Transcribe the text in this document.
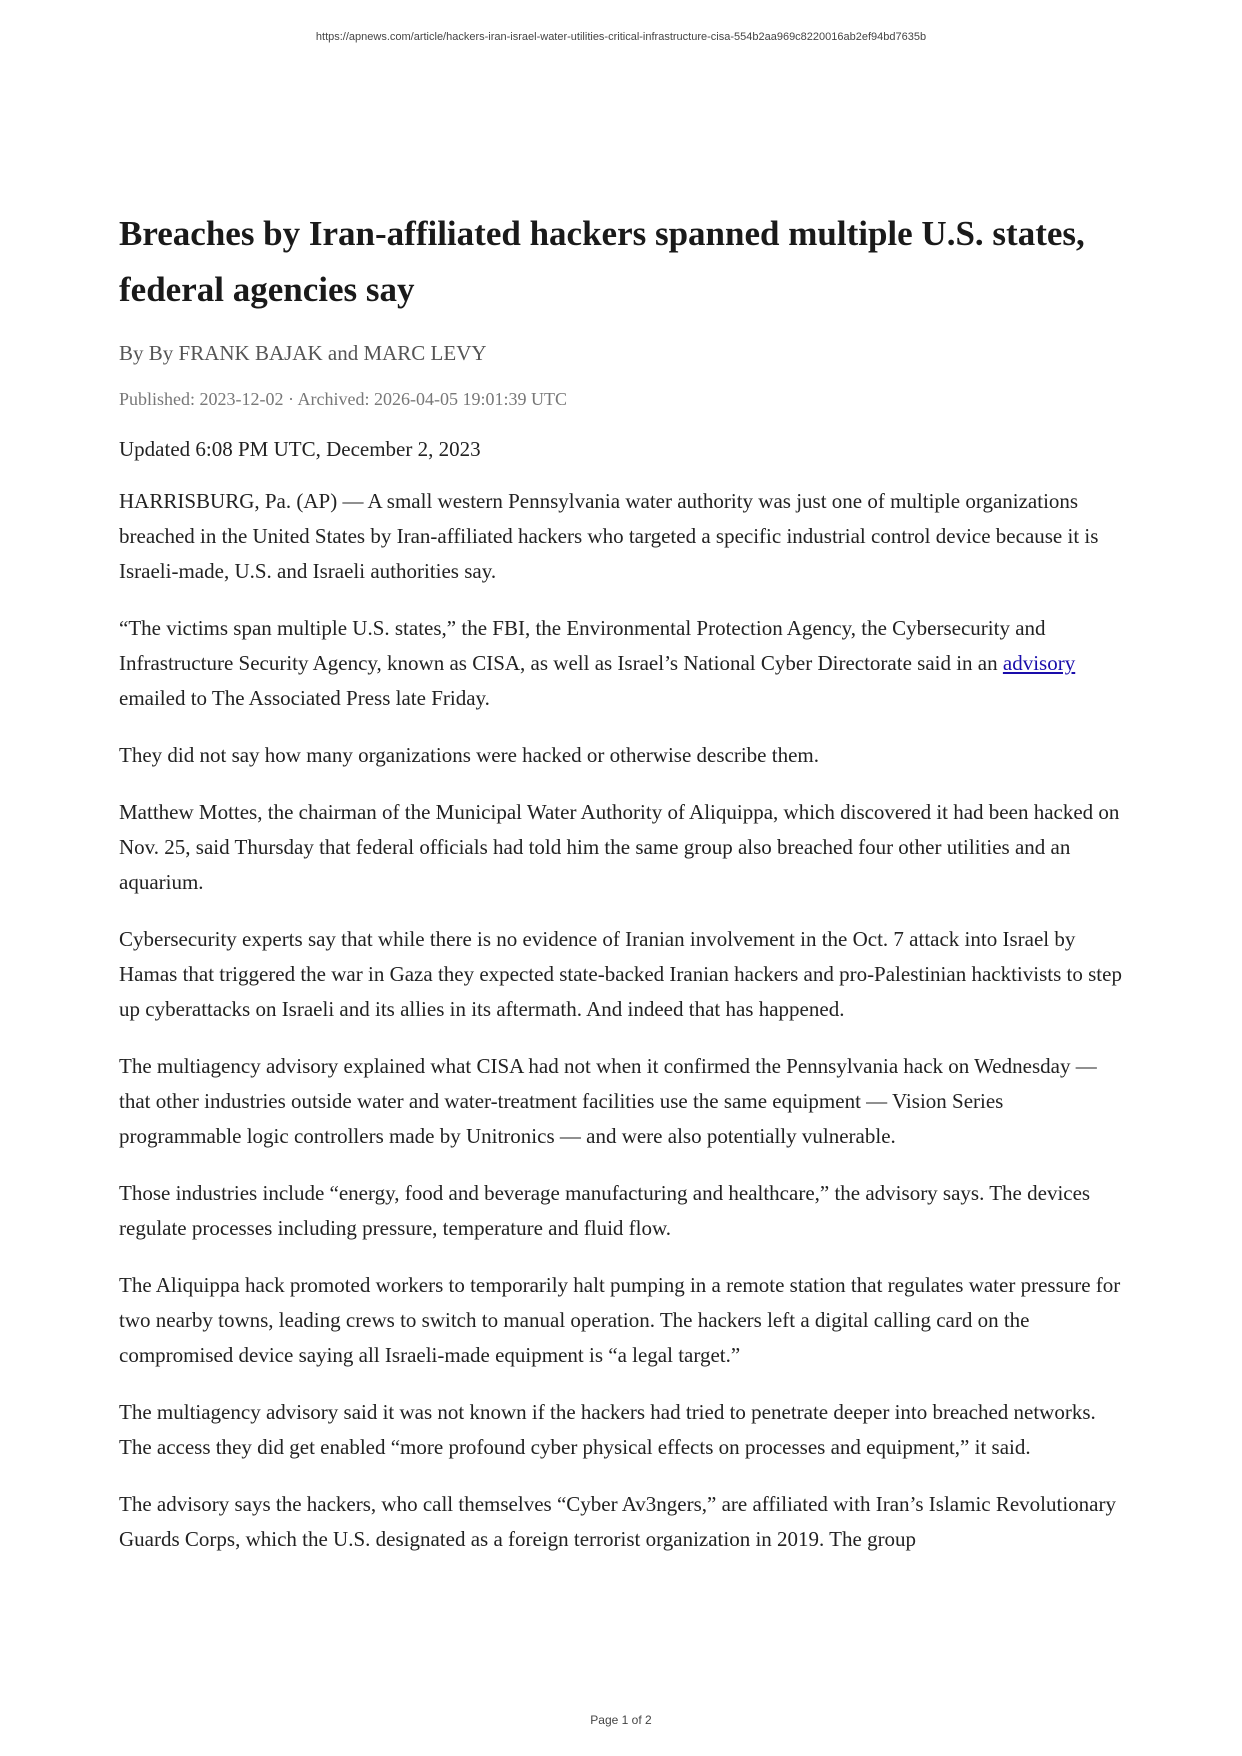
https://apnews.com/article/hackers-iran-israel-water-utilities-critical-infrastructure-cisa-554b2aa969c8220016ab2ef94bd7635b
Breaches by Iran-affiliated hackers spanned multiple U.S. states, federal agencies say
By By FRANK BAJAK and MARC LEVY
Published: 2023-12-02 · Archived: 2026-04-05 19:01:39 UTC
Updated 6:08 PM UTC, December 2, 2023

HARRISBURG, Pa. (AP) — A small western Pennsylvania water authority was just one of multiple organizations breached in the United States by Iran-affiliated hackers who targeted a specific industrial control device because it is Israeli-made, U.S. and Israeli authorities say.

“The victims span multiple U.S. states,” the FBI, the Environmental Protection Agency, the Cybersecurity and Infrastructure Security Agency, known as CISA, as well as Israel’s National Cyber Directorate said in an advisory emailed to The Associated Press late Friday.

They did not say how many organizations were hacked or otherwise describe them.

Matthew Mottes, the chairman of the Municipal Water Authority of Aliquippa, which discovered it had been hacked on Nov. 25, said Thursday that federal officials had told him the same group also breached four other utilities and an aquarium.

Cybersecurity experts say that while there is no evidence of Iranian involvement in the Oct. 7 attack into Israel by Hamas that triggered the war in Gaza they expected state-backed Iranian hackers and pro-Palestinian hacktivists to step up cyberattacks on Israeli and its allies in its aftermath. And indeed that has happened.

The multiagency advisory explained what CISA had not when it confirmed the Pennsylvania hack on Wednesday — that other industries outside water and water-treatment facilities use the same equipment — Vision Series programmable logic controllers made by Unitronics — and were also potentially vulnerable.

Those industries include “energy, food and beverage manufacturing and healthcare,” the advisory says. The devices regulate processes including pressure, temperature and fluid flow.

The Aliquippa hack promoted workers to temporarily halt pumping in a remote station that regulates water pressure for two nearby towns, leading crews to switch to manual operation. The hackers left a digital calling card on the compromised device saying all Israeli-made equipment is “a legal target.”

The multiagency advisory said it was not known if the hackers had tried to penetrate deeper into breached networks. The access they did get enabled “more profound cyber physical effects on processes and equipment,” it said.

The advisory says the hackers, who call themselves “Cyber Av3ngers,” are affiliated with Iran’s Islamic Revolutionary Guards Corps, which the U.S. designated as a foreign terrorist organization in 2019. The group

Page 1 of 2
